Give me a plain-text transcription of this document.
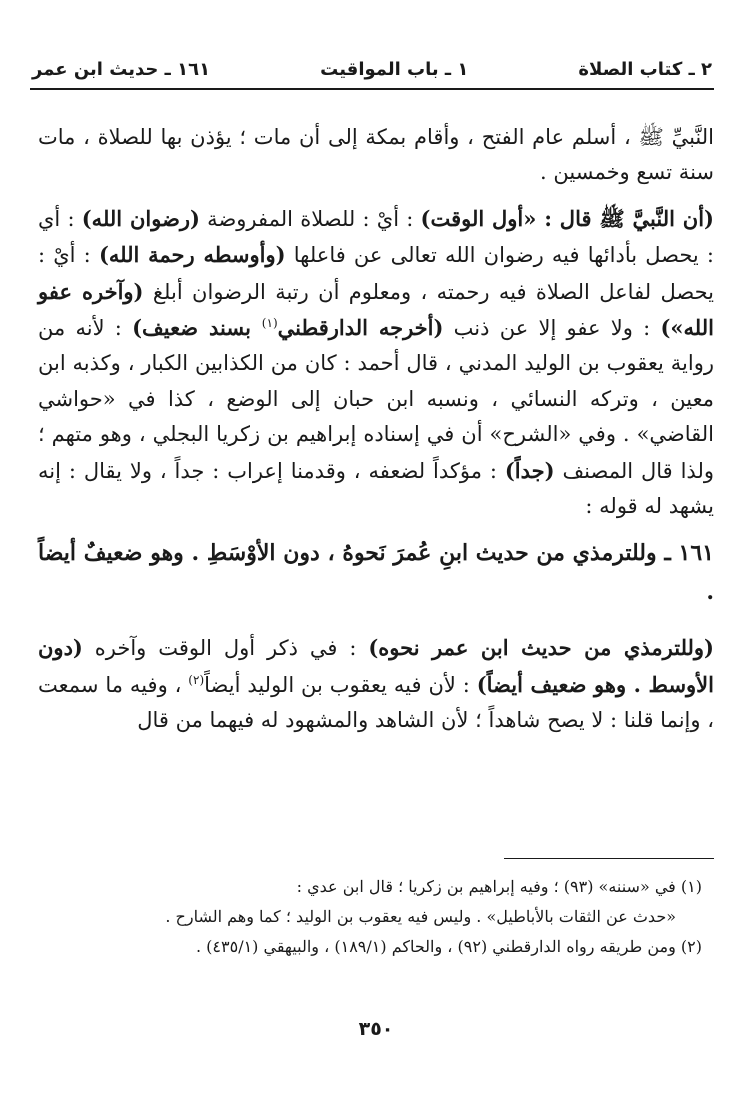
٢ ـ كتاب الصلاة
١ ـ باب المواقيت
١٦١ ـ حديث ابن عمر

النَّبيِّ ﷺ ، أسلم عام الفتح ، وأقام بمكة إلى أن مات ؛ يؤذن بها للصلاة ، مات سنة تسع وخمسين .

(أن النَّبيَّ ﷺ قال : «أول الوقت) : أيْ : للصلاة المفروضة (رضوان الله) : أي : يحصل بأدائها فيه رضوان الله تعالى عن فاعلها (وأوسطه رحمة الله) : أيْ : يحصل لفاعل الصلاة فيه رحمته ، ومعلوم أن رتبة الرضوان أبلغ (وآخره عفو الله») : ولا عفو إلا عن ذنب (أخرجه الدارقطني$^{(١)}$ بسند ضعيف) : لأنه من رواية يعقوب بن الوليد المدني ، قال أحمد : كان من الكذابين الكبار ، وكذبه ابن معين ، وتركه النسائي ، ونسبه ابن حبان إلى الوضع ، كذا في «حواشي القاضي» . وفي «الشرح» أن في إسناده إبراهيم بن زكريا البجلي ، وهو متهم ؛ ولذا قال المصنف (جداً) : مؤكداً لضعفه ، وقدمنا إعراب : جداً ، ولا يقال : إنه يشهد له قوله :

١٦١ ـ وللترمذي من حديث ابنِ عُمرَ نَحوهُ ، دون الأوْسَطِ . وهو ضعيفٌ أيضاً .

(وللترمذي من حديث ابن عمر نحوه) : في ذكر أول الوقت وآخره (دون الأوسط . وهو ضعيف أيضاً) : لأن فيه يعقوب بن الوليد أيضاً$^{(٢)}$ ، وفيه ما سمعت ، وإنما قلنا : لا يصح شاهداً ؛ لأن الشاهد والمشهود له فيهما من قال

(١) في «سننه» (٩٣) ؛ وفيه إبراهيم بن زكريا ؛ قال ابن عدي :

«حدث عن الثقات بالأباطيل» . وليس فيه يعقوب بن الوليد ؛ كما وهم الشارح .

(٢) ومن طريقه رواه الدارقطني (٩٢) ، والحاكم (١٨٩/١) ، والبيهقي (٤٣٥/١) .

٣٥٠
